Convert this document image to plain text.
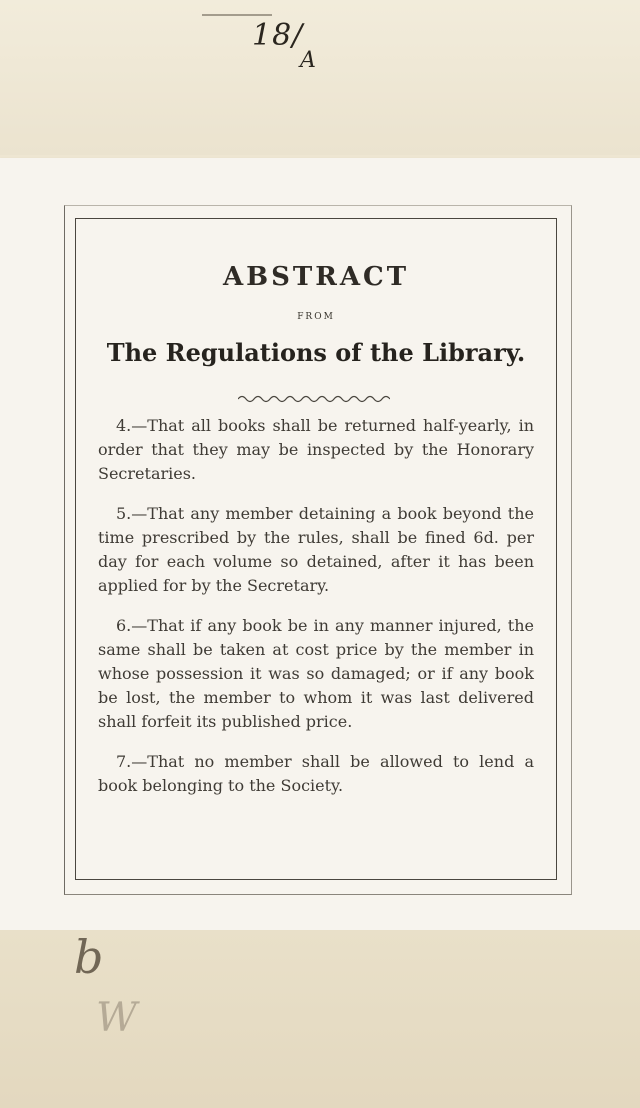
18/
A
ABSTRACT
FROM
The Regulations of the Library.

4.—That all books shall be returned half-yearly, in order that they may be inspected by the Honorary Secretaries.

5.—That any member detaining a book beyond the time prescribed by the rules, shall be fined 6d. per day for each volume so detained, after it has been applied for by the Secretary.

6.—That if any book be in any manner injured, the same shall be taken at cost price by the member in whose possession it was so damaged; or if any book be lost, the member to whom it was last delivered shall forfeit its published price.

7.—That no member shall be allowed to lend a book belonging to the Society.

b
W
